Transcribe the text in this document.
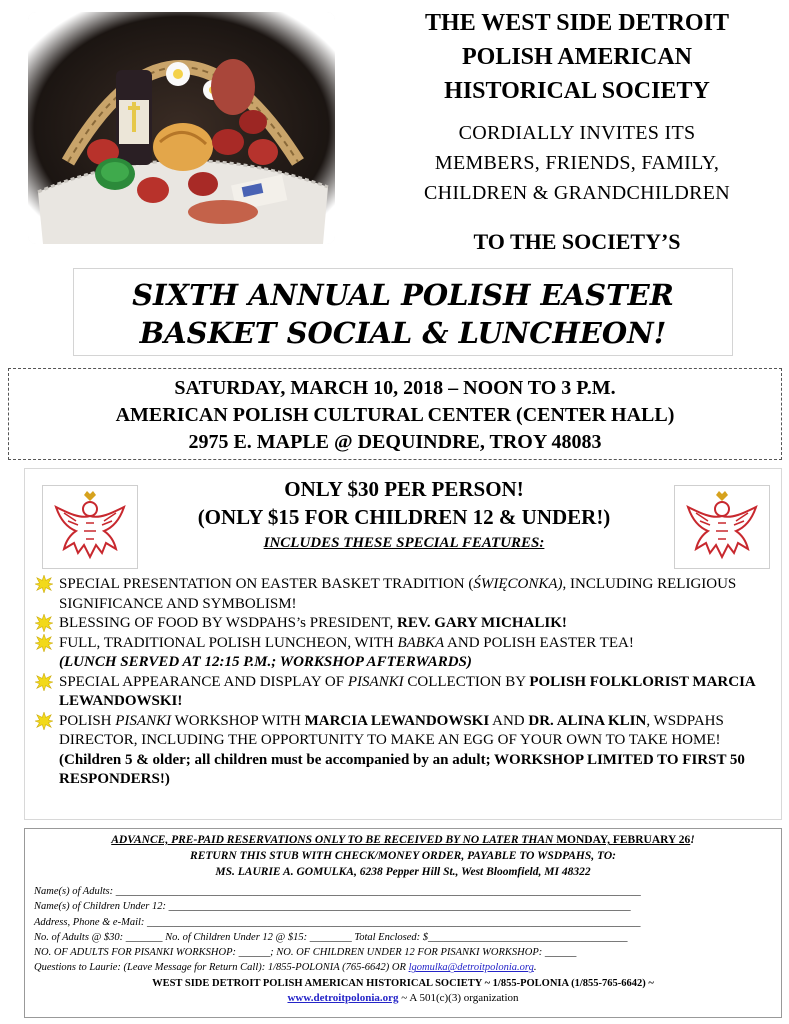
THE WEST SIDE DETROIT
POLISH AMERICAN
HISTORICAL SOCIETY
CORDIALLY INVITES ITS
MEMBERS, FRIENDS, FAMILY,
CHILDREN & GRANDCHILDREN
TO THE SOCIETY’S
SIXTH ANNUAL POLISH EASTER
BASKET SOCIAL & LUNCHEON!
SATURDAY, MARCH 10, 2018 – NOON TO 3 P.M.
AMERICAN POLISH CULTURAL CENTER (CENTER HALL)
2975 E. MAPLE @ DEQUINDRE, TROY 48083
ONLY $30 PER PERSON!
(ONLY $15 FOR CHILDREN 12 & UNDER!)
INCLUDES THESE SPECIAL FEATURES:
SPECIAL PRESENTATION ON EASTER BASKET TRADITION (ŚWIĘCONKA), INCLUDING RELIGIOUS SIGNIFICANCE AND SYMBOLISM!
BLESSING OF FOOD BY WSDPAHS’s PRESIDENT, REV. GARY MICHALIK!
FULL, TRADITIONAL POLISH LUNCHEON, WITH BABKA AND POLISH EASTER TEA!
(LUNCH SERVED AT 12:15 P.M.; WORKSHOP AFTERWARDS)
SPECIAL APPEARANCE AND DISPLAY OF PISANKI COLLECTION BY POLISH FOLKLORIST MARCIA LEWANDOWSKI!
POLISH PISANKI WORKSHOP WITH MARCIA LEWANDOWSKI AND DR. ALINA KLIN, WSDPAHS DIRECTOR, INCLUDING THE OPPORTUNITY TO MAKE AN EGG OF YOUR OWN TO TAKE HOME! (Children 5 & older; all children must be accompanied by an adult; WORKSHOP LIMITED TO FIRST 50 RESPONDERS!)
ADVANCE, PRE-PAID RESERVATIONS ONLY TO BE RECEIVED BY NO LATER THAN MONDAY, FEBRUARY 26!
RETURN THIS STUB WITH CHECK/MONEY ORDER, PAYABLE TO WSDPAHS, TO:
MS. LAURIE A. GOMULKA, 6238 Pepper Hill St., West Bloomfield, MI 48322
Name(s) of Adults: ____________________________________________________________________________________________________
Name(s) of Children Under 12: ________________________________________________________________________________________
Address, Phone & e-Mail: ______________________________________________________________________________________________
No. of Adults @ $30: _______ No. of Children Under 12 @ $15: ________ Total Enclosed: $______________________________________
NO. OF ADULTS FOR PISANKI WORKSHOP: ______; NO. OF CHILDREN UNDER 12 FOR PISANKI WORKSHOP: ______
Questions to Laurie: (Leave Message for Return Call): 1/855-POLONIA (765-6642) OR lgomulka@detroitpolonia.org.
WEST SIDE DETROIT POLISH AMERICAN HISTORICAL SOCIETY ~ 1/855-POLONIA (1/855-765-6642) ~
www.detroitpolonia.org ~ A 501(c)(3) organization
